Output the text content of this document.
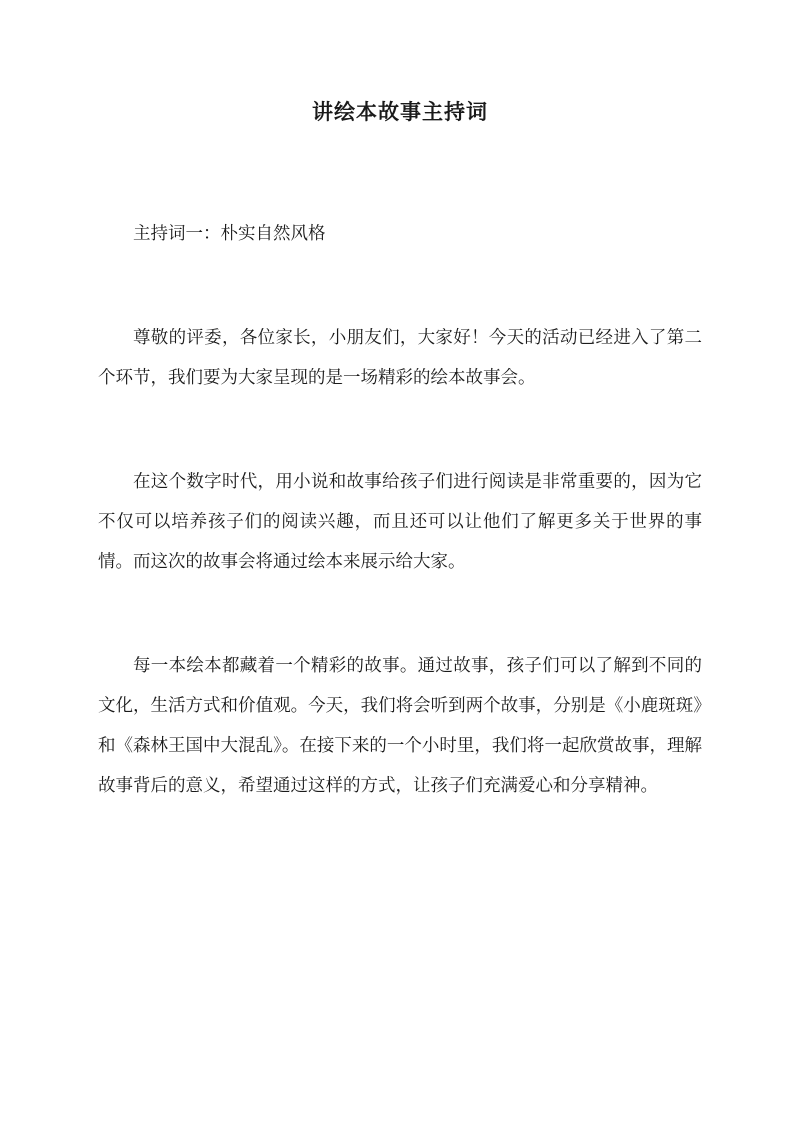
讲绘本故事主持词

主持词一：朴实自然风格

尊敬的评委，各位家长，小朋友们，大家好！今天的活动已经进入了第二个环节，我们要为大家呈现的是一场精彩的绘本故事会。

在这个数字时代，用小说和故事给孩子们进行阅读是非常重要的，因为它不仅可以培养孩子们的阅读兴趣，而且还可以让他们了解更多关于世界的事情。而这次的故事会将通过绘本来展示给大家。

每一本绘本都藏着一个精彩的故事。通过故事，孩子们可以了解到不同的文化，生活方式和价值观。今天，我们将会听到两个故事，分别是《小鹿斑斑》和《森林王国中大混乱》。在接下来的一个小时里，我们将一起欣赏故事，理解故事背后的意义，希望通过这样的方式，让孩子们充满爱心和分享精神。
